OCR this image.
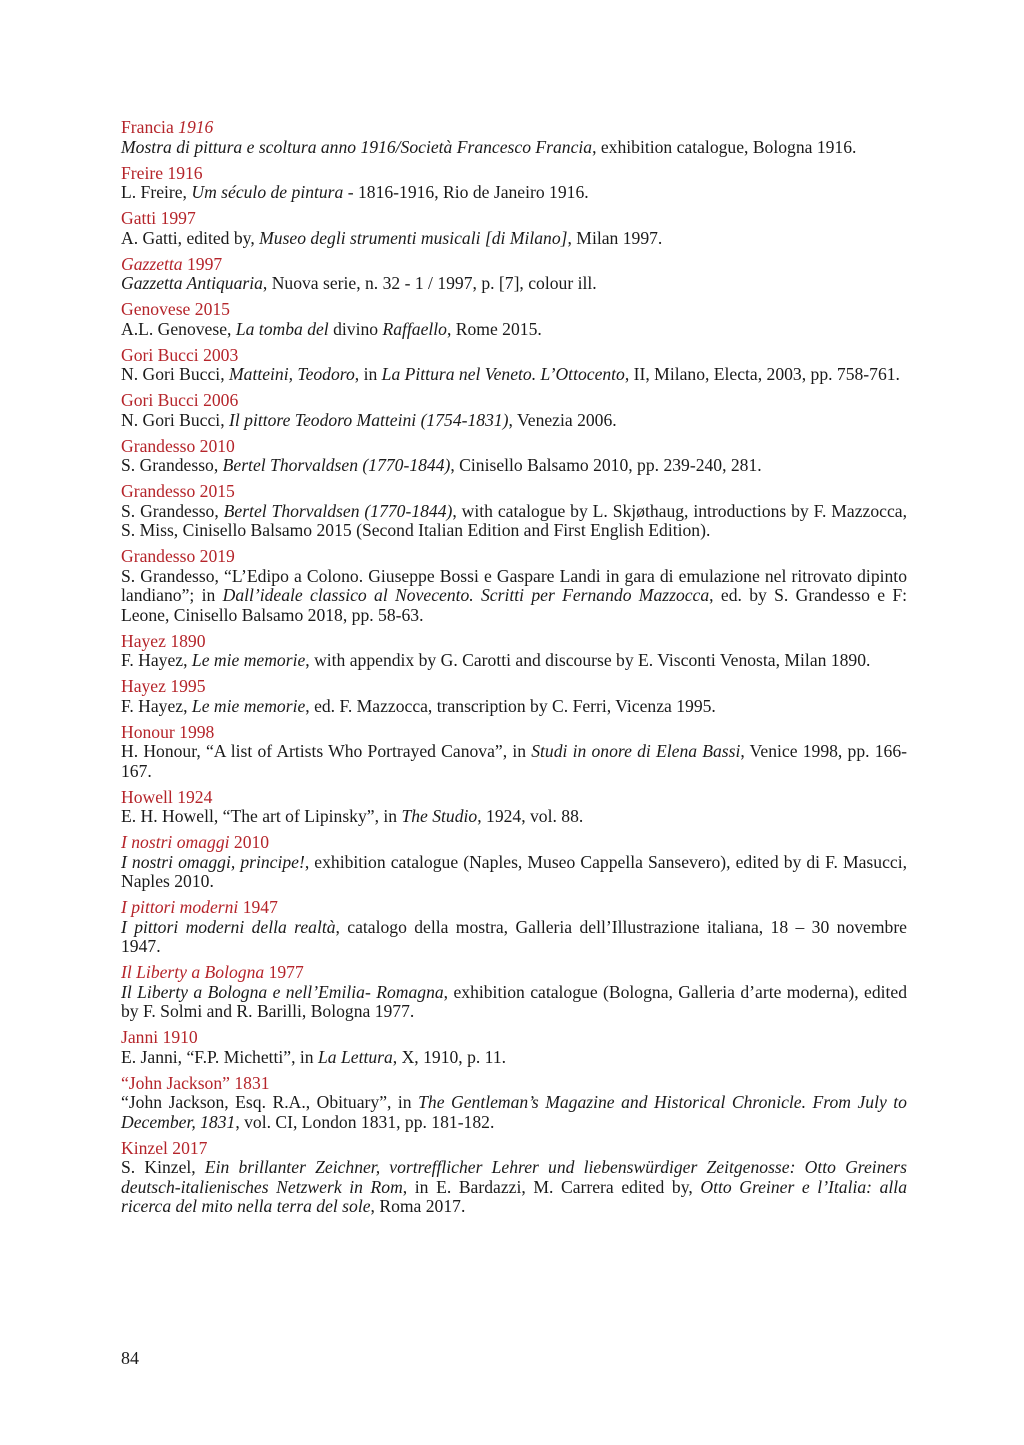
Francia 1916
Mostra di pittura e scoltura anno 1916/Società Francesco Francia, exhibition catalogue, Bologna 1916.
Freire 1916
L. Freire, Um século de pintura - 1816-1916, Rio de Janeiro 1916.
Gatti 1997
A. Gatti, edited by, Museo degli strumenti musicali [di Milano], Milan 1997.
Gazzetta 1997
Gazzetta Antiquaria, Nuova serie, n. 32 - 1 / 1997, p. [7], colour ill.
Genovese 2015
A.L. Genovese, La tomba del divino Raffaello, Rome 2015.
Gori Bucci 2003
N. Gori Bucci, Matteini, Teodoro, in La Pittura nel Veneto. L’Ottocento, II, Milano, Electa, 2003, pp. 758-761.
Gori Bucci 2006
N. Gori Bucci, Il pittore Teodoro Matteini (1754-1831), Venezia 2006.
Grandesso 2010
S. Grandesso, Bertel Thorvaldsen (1770-1844), Cinisello Balsamo 2010, pp. 239-240, 281.
Grandesso 2015
S. Grandesso, Bertel Thorvaldsen (1770-1844), with catalogue by L. Skjøthaug, introductions by F. Mazzocca, S. Miss, Cinisello Balsamo 2015 (Second Italian Edition and First English Edition).
Grandesso 2019
S. Grandesso, “L’Edipo a Colono. Giuseppe Bossi e Gaspare Landi in gara di emulazione nel ritrovato dipinto landiano”; in Dall’ideale classico al Novecento. Scritti per Fernando Mazzocca, ed. by S. Grandesso e F: Leone, Cinisello Balsamo 2018, pp. 58-63.
Hayez 1890
F. Hayez, Le mie memorie, with appendix by G. Carotti and discourse by E. Visconti Venosta, Milan 1890.
Hayez 1995
F. Hayez, Le mie memorie, ed. F. Mazzocca, transcription by C. Ferri, Vicenza 1995.
Honour 1998
H. Honour, “A list of Artists Who Portrayed Canova”, in Studi in onore di Elena Bassi, Venice 1998, pp. 166-167.
Howell 1924
E. H. Howell, “The art of Lipinsky”, in The Studio, 1924, vol. 88.
I nostri omaggi 2010
I nostri omaggi, principe!, exhibition catalogue (Naples, Museo Cappella Sansevero), edited by di F. Masucci, Naples 2010.
I pittori moderni 1947
I pittori moderni della realtà, catalogo della mostra, Galleria dell’Illustrazione italiana, 18 – 30 novembre 1947.
Il Liberty a Bologna 1977
Il Liberty a Bologna e nell’Emilia- Romagna, exhibition catalogue (Bologna, Galleria d’arte moderna), edited by F. Solmi and R. Barilli, Bologna 1977.
Janni 1910
E. Janni, “F.P. Michetti”, in La Lettura, X, 1910, p. 11.
“John Jackson” 1831
“John Jackson, Esq. R.A., Obituary”, in The Gentleman’s Magazine and Historical Chronicle. From July to December, 1831, vol. CI, London 1831, pp. 181-182.
Kinzel 2017
S. Kinzel, Ein brillanter Zeichner, vortrefflicher Lehrer und liebenswürdiger Zeitgenosse: Otto Greiners deutsch-italienisches Netzwerk in Rom, in E. Bardazzi, M. Carrera edited by, Otto Greiner e l’Italia: alla ricerca del mito nella terra del sole, Roma 2017.
84
